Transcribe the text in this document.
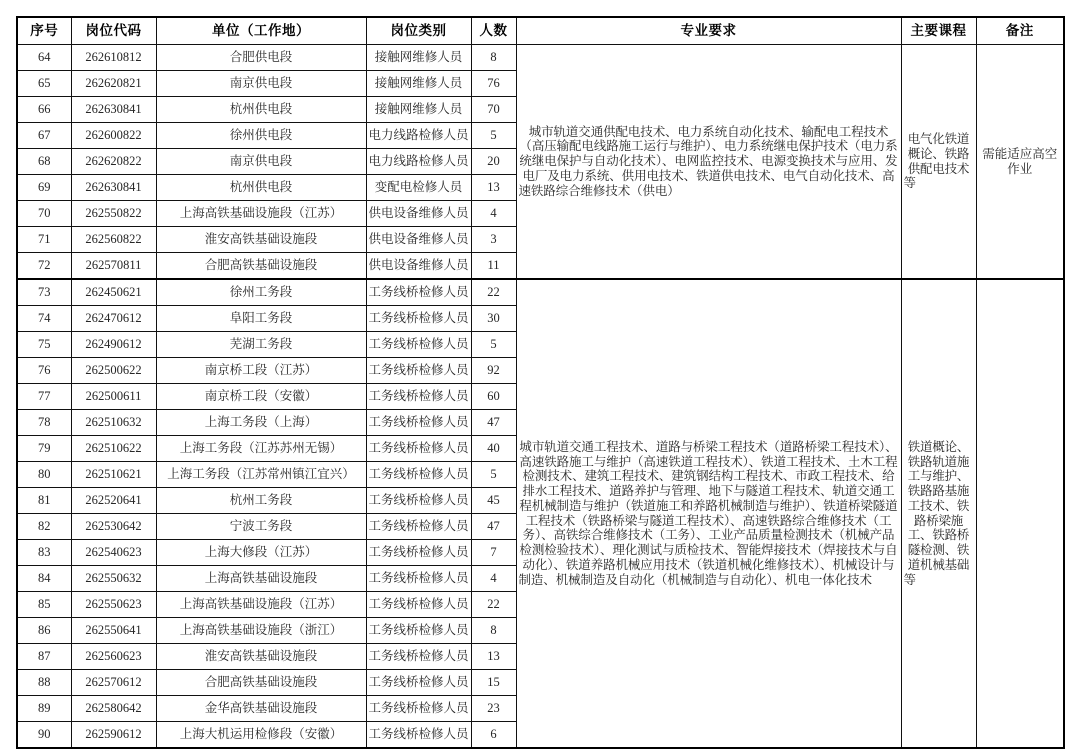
序号	岗位代码	单位（工作地）	岗位类别	人数	专业要求	主要课程	备注
64	262610812	合肥供电段	接触网维修人员	8	城市轨道交通供配电技术、电力系统自动化技术、输配电工程技术（高压输配电线路施工运行与维护）、电力系统继电保护技术（电力系统继电保护与自动化技术）、电网监控技术、电源变换技术与应用、发电厂及电力系统、供用电技术、铁道供电技术、电气自动化技术、高速铁路综合维修技术（供电）	电气化铁道概论、铁路供配电技术等	需能适应高空作业
65	262620821	南京供电段	接触网维修人员	76			
66	262630841	杭州供电段	接触网维修人员	70			
67	262600822	徐州供电段	电力线路检修人员	5			
68	262620822	南京供电段	电力线路检修人员	20			
69	262630841	杭州供电段	变配电检修人员	13			
70	262550822	上海高铁基础设施段（江苏）	供电设备维修人员	4			
71	262560822	淮安高铁基础设施段	供电设备维修人员	3			
72	262570811	合肥高铁基础设施段	供电设备维修人员	11			
73	262450621	徐州工务段	工务线桥检修人员	22	城市轨道交通工程技术、道路与桥梁工程技术（道路桥梁工程技术）、高速铁路施工与维护（高速铁道工程技术）、铁道工程技术、土木工程检测技术、建筑工程技术、建筑钢结构工程技术、市政工程技术、给排水工程技术、道路养护与管理、地下与隧道工程技术、轨道交通工程机械制造与维护（铁道施工和养路机械制造与维护）、铁道桥梁隧道工程技术（铁路桥梁与隧道工程技术）、高速铁路综合维修技术（工务）、高铁综合维修技术（工务）、工业产品质量检测技术（机械产品检测检验技术）、理化测试与质检技术、智能焊接技术（焊接技术与自动化）、铁道养路机械应用技术（铁道机械化维修技术）、机械设计与制造、机械制造及自动化（机械制造与自动化）、机电一体化技术	铁道概论、铁路轨道施工与维护、铁路路基施工技术、铁路桥梁施工、铁路桥隧检测、铁道机械基础等	
74	262470612	阜阳工务段	工务线桥检修人员	30			
75	262490612	芜湖工务段	工务线桥检修人员	5			
76	262500622	南京桥工段（江苏）	工务线桥检修人员	92			
77	262500611	南京桥工段（安徽）	工务线桥检修人员	60			
78	262510632	上海工务段（上海）	工务线桥检修人员	47			
79	262510622	上海工务段（江苏苏州无锡）	工务线桥检修人员	40			
80	262510621	上海工务段（江苏常州镇江宜兴）	工务线桥检修人员	5			
81	262520641	杭州工务段	工务线桥检修人员	45			
82	262530642	宁波工务段	工务线桥检修人员	47			
83	262540623	上海大修段（江苏）	工务线桥检修人员	7			
84	262550632	上海高铁基础设施段	工务线桥检修人员	4			
85	262550623	上海高铁基础设施段（江苏）	工务线桥检修人员	22			
86	262550641	上海高铁基础设施段（浙江）	工务线桥检修人员	8			
87	262560623	淮安高铁基础设施段	工务线桥检修人员	13			
88	262570612	合肥高铁基础设施段	工务线桥检修人员	15			
89	262580642	金华高铁基础设施段	工务线桥检修人员	23			
90	262590612	上海大机运用检修段（安徽）	工务线桥检修人员	6			
